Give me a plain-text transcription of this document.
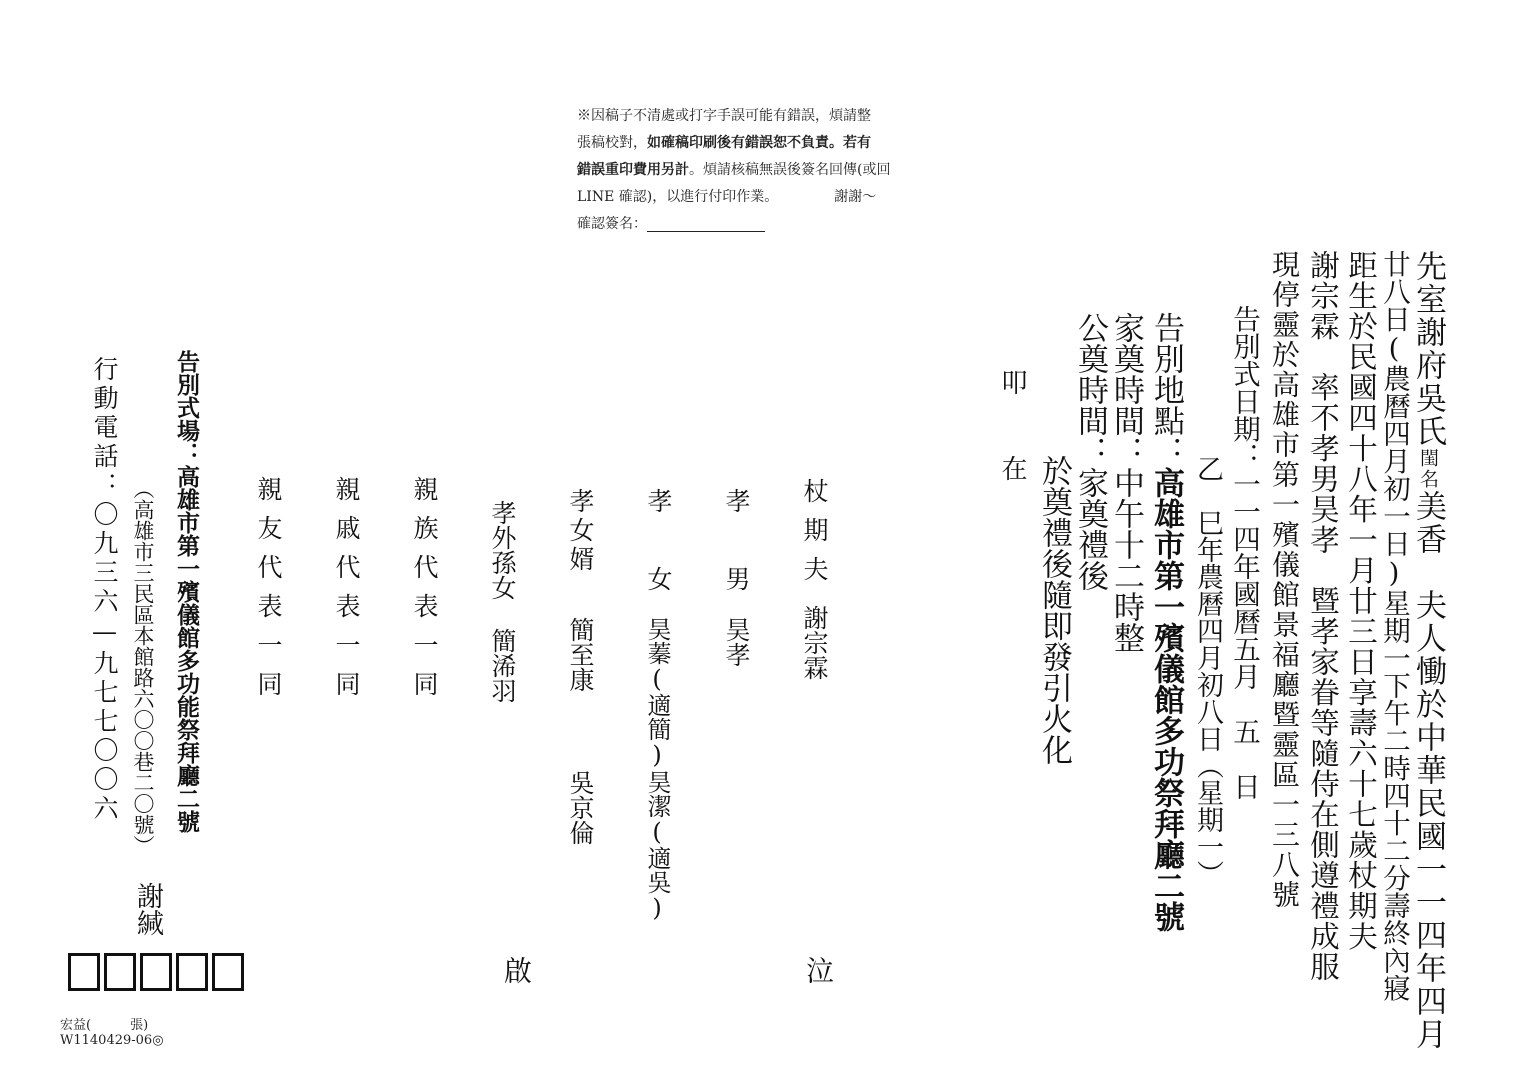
※因稿子不清處或打字手誤可能有錯誤，煩請整

張稿校對，如確稿印刷後有錯誤恕不負責。若有

錯誤重印費用另計。煩請核稿無誤後簽名回傳(或回

LINE 確認)，以進行付印作業。	謝謝～

確認簽名：

先室謝府吳氏閨名美香　夫人慟於中華民國一一四年四月
廿八日(農曆四月初一日)星期一下午二時四十二分壽終內寢
距生於民國四十八年一月廿三日享壽六十七歲杖期夫
謝宗霖　率不孝男昊孝　暨孝家眷等隨侍在側遵禮成服
現停靈於高雄市第一殯儀館景福廳暨靈區一三八號
告別式日期：一一四年國曆五月　五　日
乙　巳年農曆四月初八日（星期一）
告別地點：高雄市第一殯儀館多功祭拜廳二號
家奠時間：中午十二時整
公奠時間：家奠禮後
於奠禮後隨即發引火化
叩
在
杖期夫
謝宗霖
孝　男
昊孝
孝　女
昊蓁(適簡)
昊潔(適吳)
孝女婿
簡至康
吳京倫
孝外孫女
簡浠羽
親族代表一同
親戚代表一同
親友代表一同
泣
啟
告別式場：高雄市第一殯儀館多功能祭拜廳二號
（高雄市三民區本館路六〇〇巷二〇號）
行動電話：〇九三六—九七七〇〇六
謝緘
宏益(　　　張)
W1140429-06◎
